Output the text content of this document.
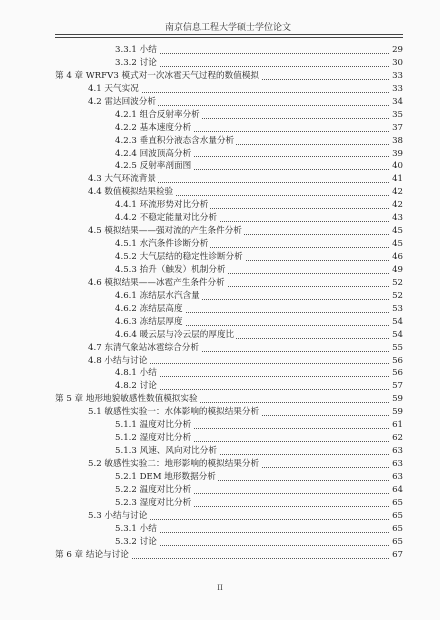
南京信息工程大学硕士学位论文
3.3.1 小结	29
3.3.2 讨论	30
第 4 章 WRFV3 模式对一次冰雹天气过程的数值模拟	33
4.1 天气实况	33
4.2 雷达回波分析	34
4.2.1 组合反射率分析	35
4.2.2 基本速度分析	37
4.2.3 垂直积分液态含水量分析	38
4.2.4 回波顶高分析	39
4.2.5 反射率剖面图	40
4.3 大气环流背景	41
4.4 数值模拟结果检验	42
4.4.1 环流形势对比分析	42
4.4.2 不稳定能量对比分析	43
4.5 模拟结果——强对流的产生条件分析	45
4.5.1 水汽条件诊断分析	45
4.5.2 大气层结的稳定性诊断分析	46
4.5.3 抬升（触发）机制分析	49
4.6 模拟结果——冰雹产生条件分析	52
4.6.1 冻结层水汽含量	52
4.6.2 冻结层高度	53
4.6.3 冻结层厚度	54
4.6.4 暖云层与冷云层的厚度比	54
4.7 东清气象站冰雹综合分析	55
4.8 小结与讨论	56
4.8.1 小结	56
4.8.2 讨论	57
第 5 章 地形地貌敏感性数值模拟实验	59
5.1 敏感性实验一：水体影响的模拟结果分析	59
5.1.1 温度对比分析	61
5.1.2 湿度对比分析	62
5.1.3 风速、风向对比分析	63
5.2 敏感性实验二：地形影响的模拟结果分析	63
5.2.1 DEM 地形数据分析	63
5.2.2 温度对比分析	64
5.2.3 湿度对比分析	65
5.3 小结与讨论	65
5.3.1 小结	65
5.3.2 讨论	65
第 6 章 结论与讨论	67
II
